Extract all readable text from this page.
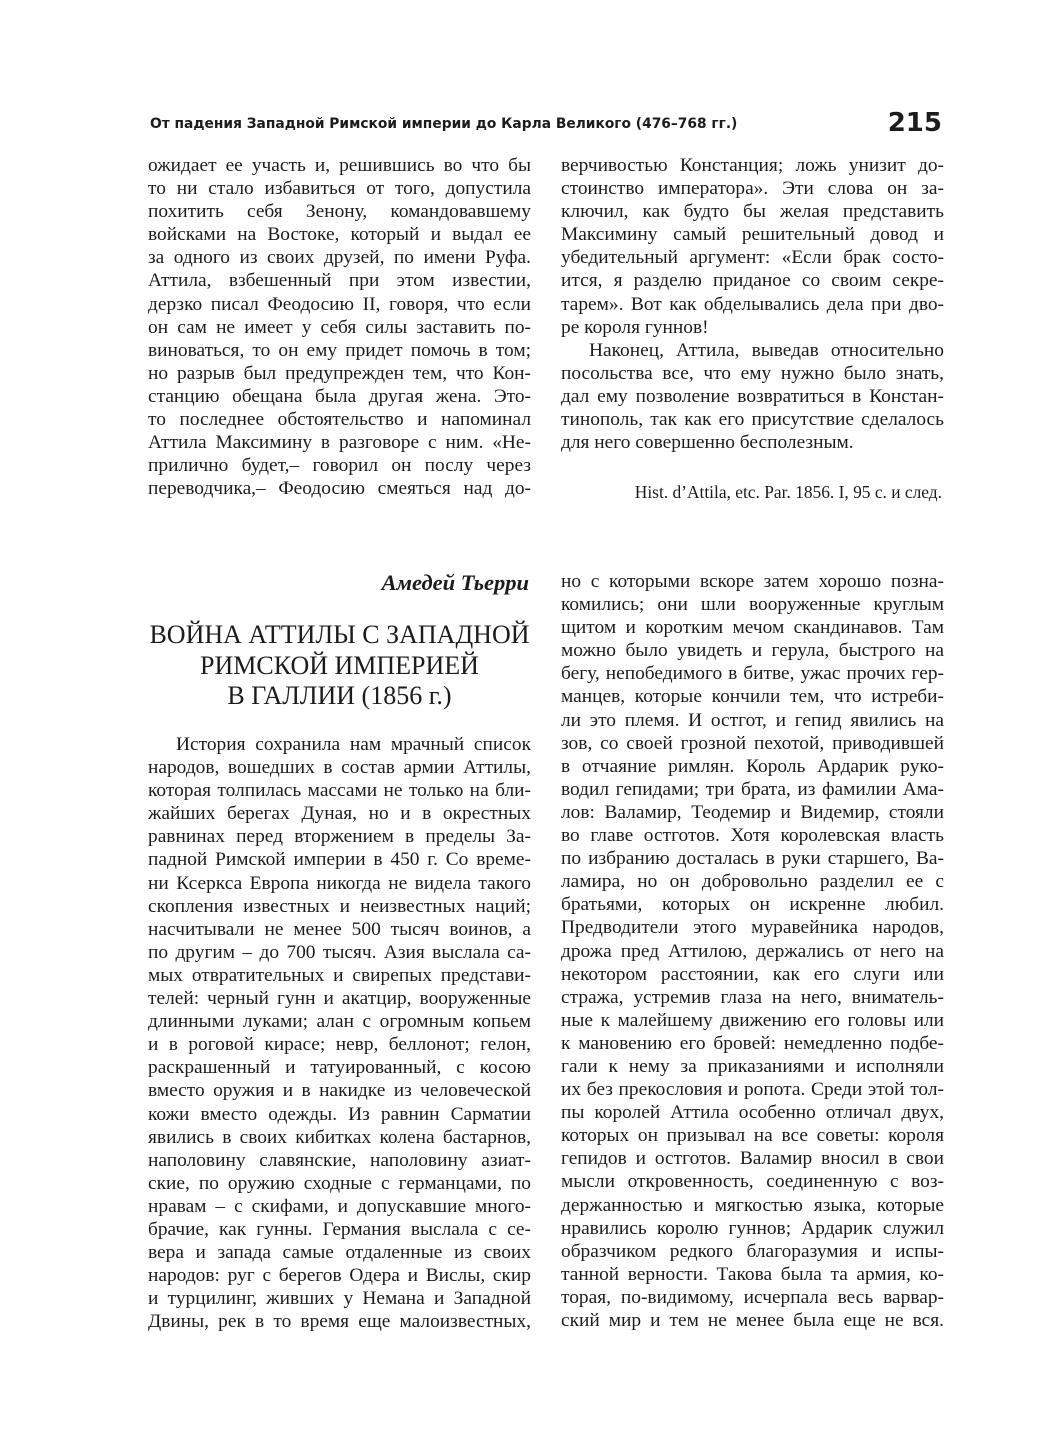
От падения Западной Римской империи до Карла Великого (476–768 гг.)	215
ожидает ее участь и, решившись во что бы
то ни стало избавиться от того, допустила
похитить себя Зенону, командовавшему
войсками на Востоке, который и выдал ее
за одного из своих друзей, по имени Руфа.
Аттила, взбешенный при этом известии,
дерзко писал Феодосию II, говоря, что если
он сам не имеет у себя силы заставить по-
виноваться, то он ему придет помочь в том;
но разрыв был предупрежден тем, что Кон-
станцию обещана была другая жена. Это-
то последнее обстоятельство и напоминал
Аттила Максимину в разговоре с ним. «Не-
прилично будет,– говорил он послу через
переводчика,– Феодосию смеяться над до-
верчивостью Констанция; ложь унизит до-
стоинство императора». Эти слова он за-
ключил, как будто бы желая представить
Максимину самый решительный довод и
убедительный аргумент: «Если брак состо-
ится, я разделю приданое со своим секре-
тарем». Вот как обделывались дела при дво-
ре короля гуннов!
Наконец, Аттила, выведав относительно
посольства все, что ему нужно было знать,
дал ему позволение возвратиться в Констан-
тинополь, так как его присутствие сделалось
для него совершенно бесполезным.
Hist. d’Attila, etc. Par. 1856. I, 95 с. и след.
Амедей Тьерри
ВОЙНА АТТИЛЫ С ЗАПАДНОЙ
РИМСКОЙ ИМПЕРИЕЙ
В ГАЛЛИИ (1856 г.)
История сохранила нам мрачный список
народов, вошедших в состав армии Аттилы,
которая толпилась массами не только на бли-
жайших берегах Дуная, но и в окрестных
равнинах перед вторжением в пределы За-
падной Римской империи в 450 г. Со време-
ни Ксеркса Европа никогда не видела такого
скопления известных и неизвестных наций;
насчитывали не менее 500 тысяч воинов, а
по другим – до 700 тысяч. Азия выслала са-
мых отвратительных и свирепых представи-
телей: черный гунн и акатцир, вооруженные
длинными луками; алан с огромным копьем
и в роговой кирасе; невр, беллонот; гелон,
раскрашенный и татуированный, с косою
вместо оружия и в накидке из человеческой
кожи вместо одежды. Из равнин Сарматии
явились в своих кибитках колена бастарнов,
наполовину славянские, наполовину азиат-
ские, по оружию сходные с германцами, по
нравам – с скифами, и допускавшие много-
брачие, как гунны. Германия выслала с се-
вера и запада самые отдаленные из своих
народов: руг с берегов Одера и Вислы, скир
и турцилинг, живших у Немана и Западной
Двины, рек в то время еще малоизвестных,
но с которыми вскоре затем хорошо позна-
комились; они шли вооруженные круглым
щитом и коротким мечом скандинавов. Там
можно было увидеть и герула, быстрого на
бегу, непобедимого в битве, ужас прочих гер-
манцев, которые кончили тем, что истреби-
ли это племя. И остгот, и гепид явились на
зов, со своей грозной пехотой, приводившей
в отчаяние римлян. Король Ардарик руко-
водил гепидами; три брата, из фамилии Ама-
лов: Валамир, Теодемир и Видемир, стояли
во главе остготов. Хотя королевская власть
по избранию досталась в руки старшего, Ва-
ламира, но он добровольно разделил ее с
братьями, которых он искренне любил.
Предводители этого муравейника народов,
дрожа пред Аттилою, держались от него на
некотором расстоянии, как его слуги или
стража, устремив глаза на него, вниматель-
ные к малейшему движению его головы или
к мановению его бровей: немедленно подбе-
гали к нему за приказаниями и исполняли
их без прекословия и ропота. Среди этой тол-
пы королей Аттила особенно отличал двух,
которых он призывал на все советы: короля
гепидов и остготов. Валамир вносил в свои
мысли откровенность, соединенную с воз-
держанностью и мягкостью языка, которые
нравились королю гуннов; Ардарик служил
образчиком редкого благоразумия и испы-
танной верности. Такова была та армия, ко-
торая, по-видимому, исчерпала весь варвар-
ский мир и тем не менее была еще не вся.
